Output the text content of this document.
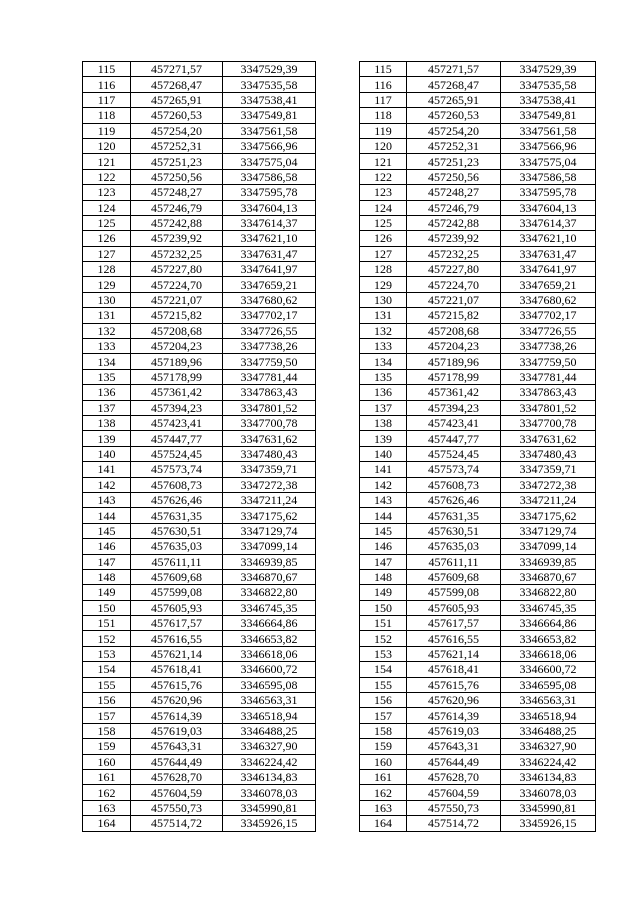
115	457271,57	3347529,39		115	457271,57	3347529,39
116	457268,47	3347535,58		116	457268,47	3347535,58
117	457265,91	3347538,41		117	457265,91	3347538,41
118	457260,53	3347549,81		118	457260,53	3347549,81
119	457254,20	3347561,58		119	457254,20	3347561,58
120	457252,31	3347566,96		120	457252,31	3347566,96
121	457251,23	3347575,04		121	457251,23	3347575,04
122	457250,56	3347586,58		122	457250,56	3347586,58
123	457248,27	3347595,78		123	457248,27	3347595,78
124	457246,79	3347604,13		124	457246,79	3347604,13
125	457242,88	3347614,37		125	457242,88	3347614,37
126	457239,92	3347621,10		126	457239,92	3347621,10
127	457232,25	3347631,47		127	457232,25	3347631,47
128	457227,80	3347641,97		128	457227,80	3347641,97
129	457224,70	3347659,21		129	457224,70	3347659,21
130	457221,07	3347680,62		130	457221,07	3347680,62
131	457215,82	3347702,17		131	457215,82	3347702,17
132	457208,68	3347726,55		132	457208,68	3347726,55
133	457204,23	3347738,26		133	457204,23	3347738,26
134	457189,96	3347759,50		134	457189,96	3347759,50
135	457178,99	3347781,44		135	457178,99	3347781,44
136	457361,42	3347863,43		136	457361,42	3347863,43
137	457394,23	3347801,52		137	457394,23	3347801,52
138	457423,41	3347700,78		138	457423,41	3347700,78
139	457447,77	3347631,62		139	457447,77	3347631,62
140	457524,45	3347480,43		140	457524,45	3347480,43
141	457573,74	3347359,71		141	457573,74	3347359,71
142	457608,73	3347272,38		142	457608,73	3347272,38
143	457626,46	3347211,24		143	457626,46	3347211,24
144	457631,35	3347175,62		144	457631,35	3347175,62
145	457630,51	3347129,74		145	457630,51	3347129,74
146	457635,03	3347099,14		146	457635,03	3347099,14
147	457611,11	3346939,85		147	457611,11	3346939,85
148	457609,68	3346870,67		148	457609,68	3346870,67
149	457599,08	3346822,80		149	457599,08	3346822,80
150	457605,93	3346745,35		150	457605,93	3346745,35
151	457617,57	3346664,86		151	457617,57	3346664,86
152	457616,55	3346653,82		152	457616,55	3346653,82
153	457621,14	3346618,06		153	457621,14	3346618,06
154	457618,41	3346600,72		154	457618,41	3346600,72
155	457615,76	3346595,08		155	457615,76	3346595,08
156	457620,96	3346563,31		156	457620,96	3346563,31
157	457614,39	3346518,94		157	457614,39	3346518,94
158	457619,03	3346488,25		158	457619,03	3346488,25
159	457643,31	3346327,90		159	457643,31	3346327,90
160	457644,49	3346224,42		160	457644,49	3346224,42
161	457628,70	3346134,83		161	457628,70	3346134,83
162	457604,59	3346078,03		162	457604,59	3346078,03
163	457550,73	3345990,81		163	457550,73	3345990,81
164	457514,72	3345926,15		164	457514,72	3345926,15
